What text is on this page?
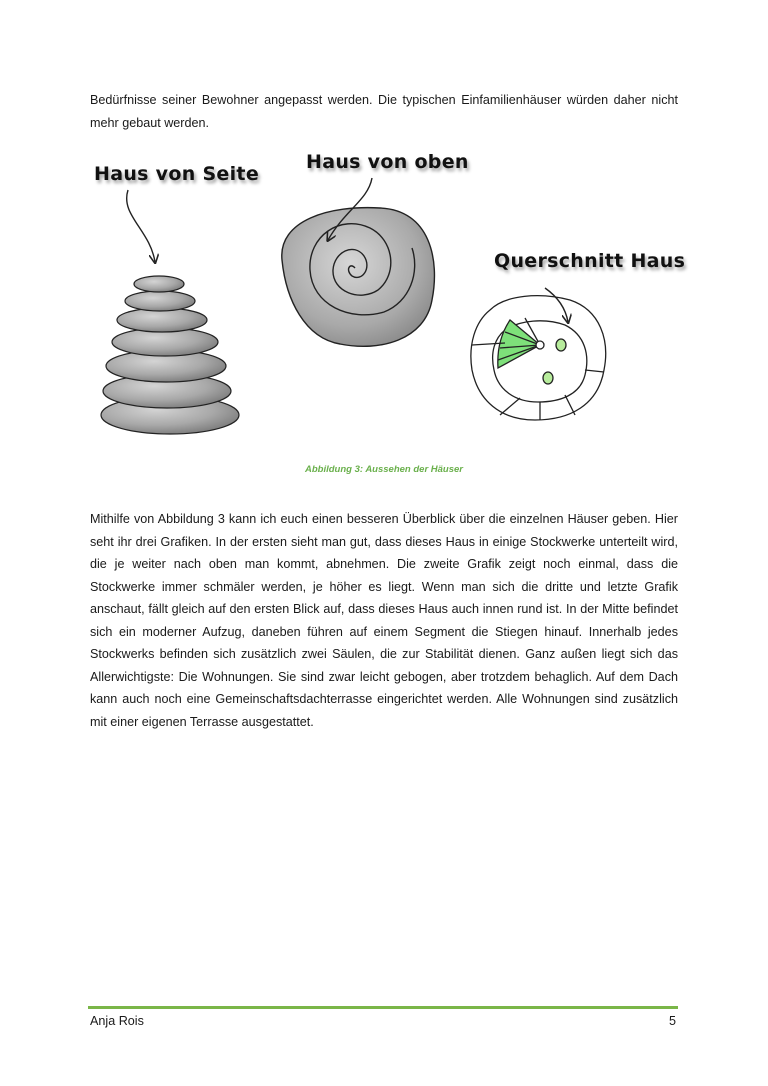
Bedürfnisse seiner Bewohner angepasst werden. Die typischen Einfamilienhäuser würden daher nicht mehr gebaut werden.

Haus von Seite
Haus von oben
Querschnitt Haus
Abbildung 3: Aussehen der Häuser

Mithilfe von Abbildung 3 kann ich euch einen besseren Überblick über die einzelnen Häuser geben. Hier seht ihr drei Grafiken. In der ersten sieht man gut, dass dieses Haus in einige Stockwerke unterteilt wird, die je weiter nach oben man kommt, abnehmen. Die zweite Grafik zeigt noch einmal, dass die Stockwerke immer schmäler werden, je höher es liegt. Wenn man sich die dritte und letzte Grafik anschaut, fällt gleich auf den ersten Blick auf, dass dieses Haus auch innen rund ist. In der Mitte befindet sich ein moderner Aufzug, daneben führen auf einem Segment die Stiegen hinauf. Innerhalb jedes Stockwerks befinden sich zusätzlich zwei Säulen, die zur Stabilität dienen. Ganz außen liegt sich das Allerwichtigste: Die Wohnungen. Sie sind zwar leicht gebogen, aber trotzdem behaglich. Auf dem Dach kann auch noch eine Gemeinschaftsdachterrasse eingerichtet werden. Alle Wohnungen sind zusätzlich mit einer eigenen Terrasse ausgestattet.

Anja Rois	5
